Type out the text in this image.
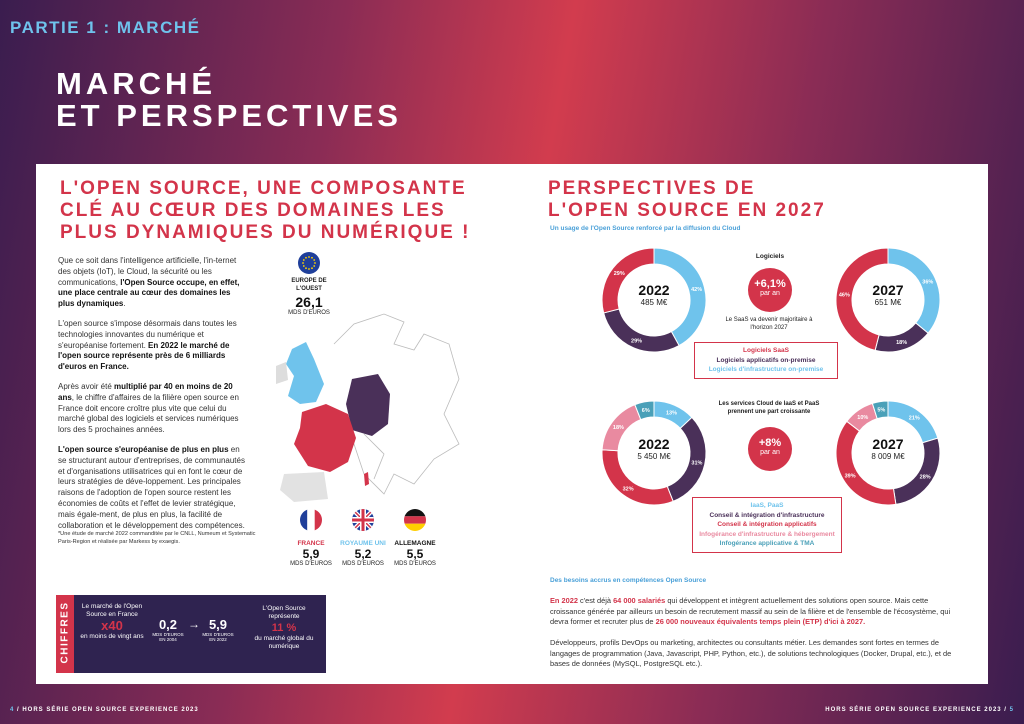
PARTIE 1 : MARCHÉ
MARCHÉ
ET PERSPECTIVES
L'OPEN SOURCE, UNE COMPOSANTE
CLÉ AU CŒUR DES DOMAINES LES
PLUS DYNAMIQUES DU NUMÉRIQUE !

Que ce soit dans l'intelligence artificielle, l'in-ternet des objets (IoT), le Cloud, la sécurité ou les communications, l'Open Source occupe, en effet, une place centrale au cœur des domaines les plus dynamiques.

L'open source s'impose désormais dans toutes les technologies innovantes du numérique et s'européanise fortement. En 2022 le marché de l'open source représente près de 6 milliards d'euros en France.

Après avoir été multiplié par 40 en moins de 20 ans, le chiffre d'affaires de la filière open source en France doit encore croître plus vite que celui du marché global des logiciels et services numériques lors des 5 prochaines années.

L'open source s'européanise de plus en plus en se structurant autour d'entreprises, de communautés et d'organisations utilisatrices qui en font le cœur de leurs stratégies de déve-loppement. Les principales raisons de l'adoption de l'open source restent les économies de coûts et l'effet de levier stratégique, mais égale-ment, de plus en plus, la facilité de collaboration et le développement des compétences.

*Une étude de marché 2022 commanditée par le CNLL, Numeum et Systematic Paris-Region et réalisée par Markess by exaegis.
EUROPE DE L'OUEST
26,1
MDS D'EUROS
FRANCE
5,9
MDS D'EUROS
ROYAUME UNI
5,2
MDS D'EUROS
ALLEMAGNE
5,5
MDS D'EUROS
PERSPECTIVES DE
L'OPEN SOURCE EN 2027
Un usage de l'Open Source renforcé par la diffusion du Cloud
42%
29%
29%
2022
485 M€
36%
18%
46%	2027
651 M€
Logiciels
+6,1%
par an
Le SaaS va devenir majoritaire à l'horizon 2027
Logiciels SaaS
Logiciels applicatifs on-premise
Logiciels d'infrastructure on-premise
Les services Cloud de IaaS et PaaS prennent une part croissante
13%
31%
32%
18%
6%
2022
5 450 M€
21%
28%
39%
10%
5%
2027
8 009 M€
+8%
par an
IaaS, PaaS
Conseil & intégration d'infrastructure
Conseil & intégration applicatifs
Infogérance d'infrastructure & hébergement
Infogérance applicative & TMA
Des besoins accrus en compétences Open Source
En 2022 c'est déjà 64 000 salariés qui développent et intègrent actuellement des solutions open source. Mais cette croissance générée par ailleurs un besoin de recrutement massif au sein de la filière et de l'ensemble de l'écosystème, qui devra former et recruter plus de 26 000 nouveaux équivalents temps plein (ETP) d'ici à 2027.
Développeurs, profils DevOps ou marketing, architectes ou consultants métier. Les demandes sont fortes en termes de langages de programmation (Java, Javascript, PHP, Python, etc.), de solutions technologiques (Docker, Drupal, etc.), et de bases de données (MySQL, PostgreSQL etc.).
CHIFFRES Le marché de l'Open Source en France
x40
en moins de vingt ans
0,2
MDS D'EUROS
EN 2004
→ 5,9
MDS D'EUROS
EN 2022
L'Open Source représente
11 %
du marché global du numérique
4 / HORS SÉRIE OPEN SOURCE EXPERIENCE 2023	HORS SÉRIE OPEN SOURCE EXPERIENCE 2023 / 5
